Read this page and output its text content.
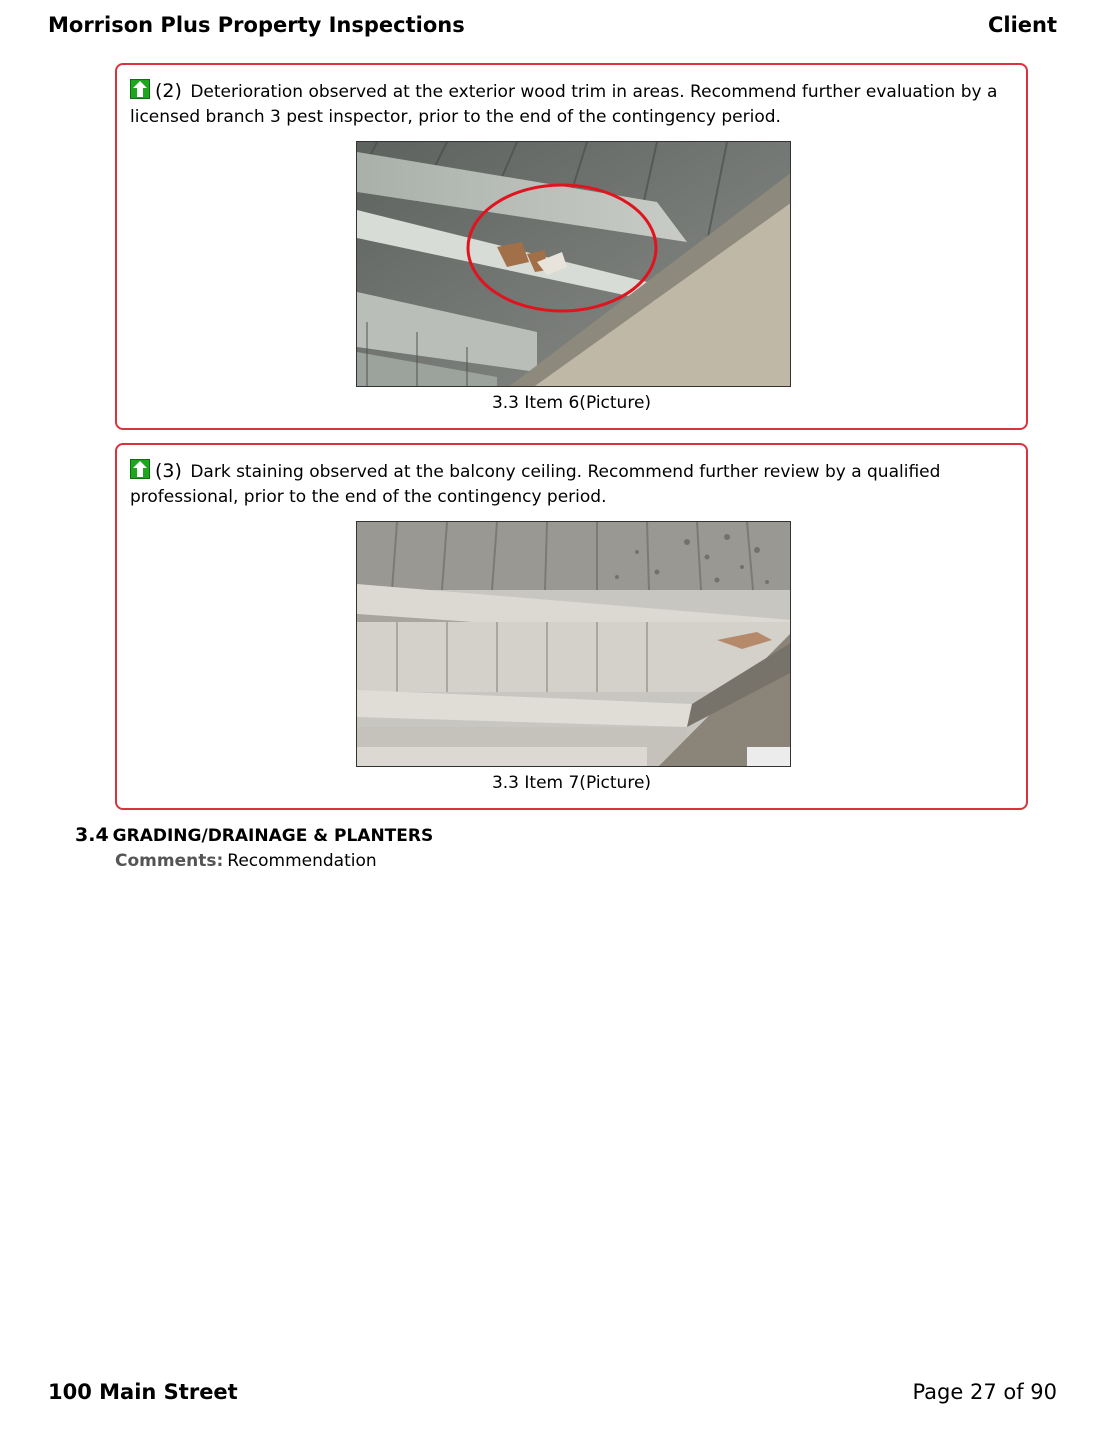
Morrison Plus Property Inspections	Client
(2) Deterioration observed at the exterior wood trim in areas. Recommend further evaluation by a licensed branch 3 pest inspector, prior to the end of the contingency period.
3.3 Item 6(Picture)
(3) Dark staining observed at the balcony ceiling. Recommend further review by a qualified professional, prior to the end of the contingency period.
3.3 Item 7(Picture)
3.4 GRADING/DRAINAGE & PLANTERS
Comments: Recommendation
100 Main Street	Page 27 of 90
